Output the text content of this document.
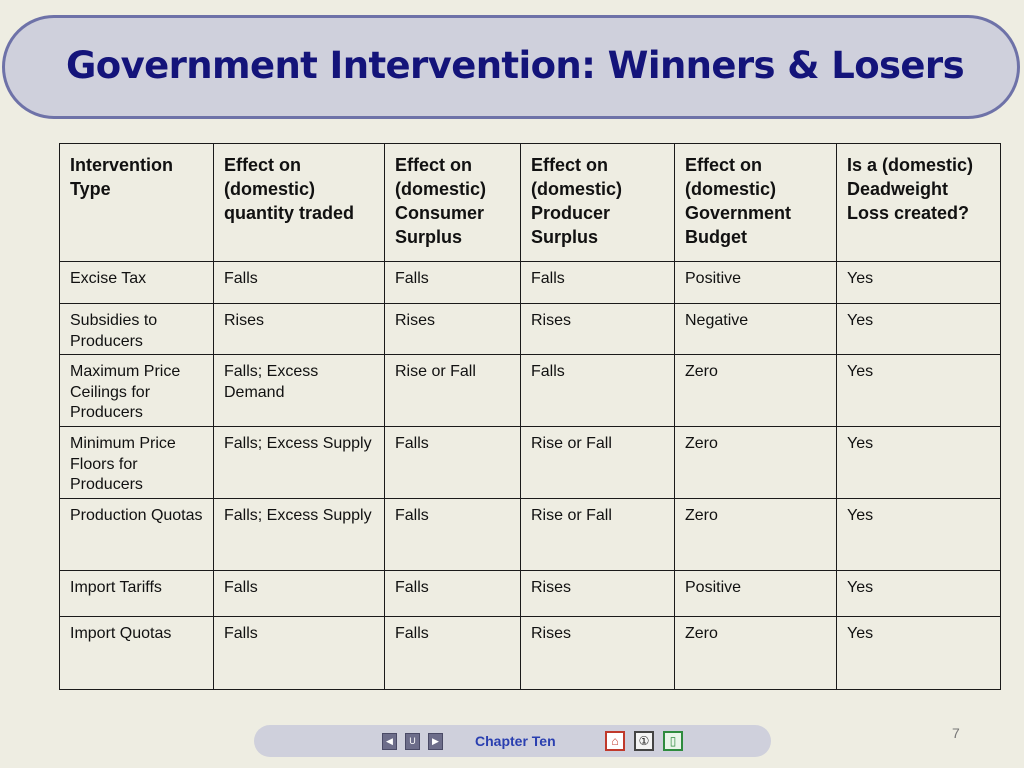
Government Intervention: Winners & Losers
Intervention Type	Effect on (domestic) quantity traded	Effect on (domestic) Consumer Surplus	Effect on (domestic) Producer Surplus	Effect on (domestic) Government Budget	Is a (domestic) Deadweight Loss created?
Excise Tax	Falls	Falls	Falls	Positive	Yes
Subsidies to Producers	Rises	Rises	Rises	Negative	Yes
Maximum Price Ceilings for Producers	Falls; Excess Demand	Rise or Fall	Falls	Zero	Yes
Minimum Price Floors for Producers	Falls; Excess Supply	Falls	Rise or Fall	Zero	Yes
Production Quotas	Falls; Excess Supply	Falls	Rise or Fall	Zero	Yes
Import Tariffs	Falls	Falls	Rises	Positive	Yes
Import Quotas	Falls	Falls	Rises	Zero	Yes
◀	U	▶	Chapter Ten	⌂	①	▯	7
